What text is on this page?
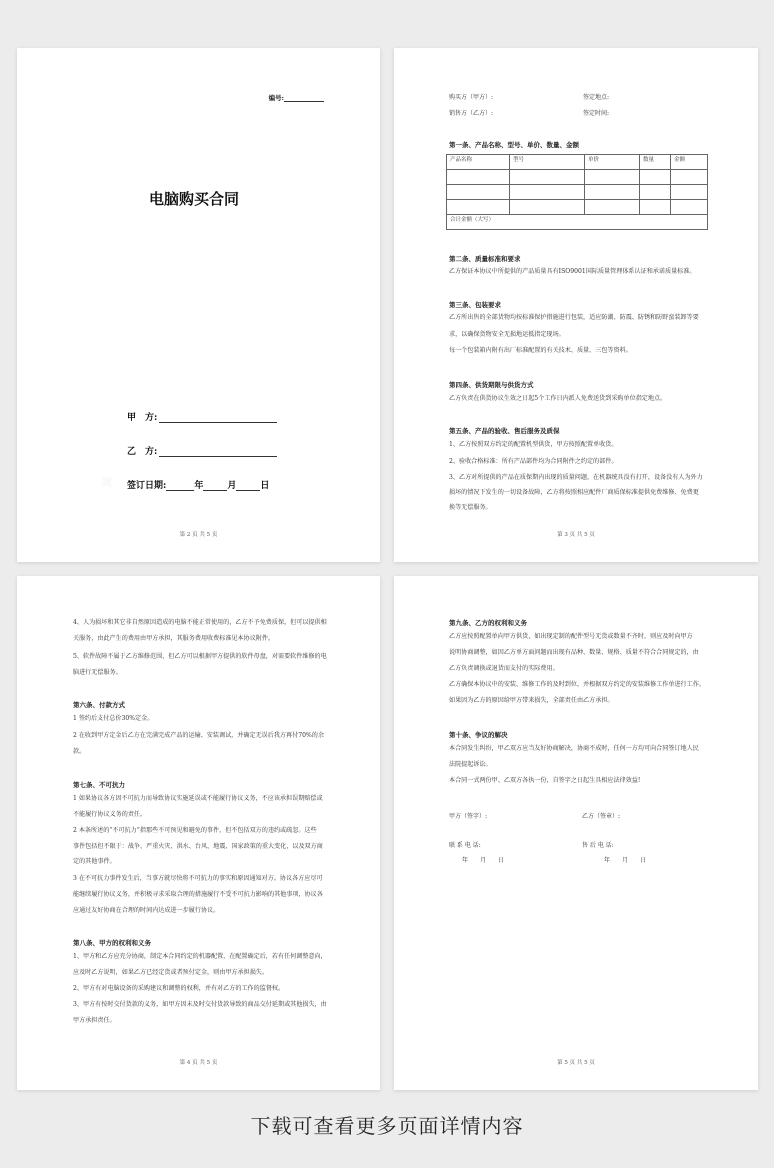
编号:
电脑购买合同
甲　方:
乙　方:
签订日期:	年	月	日
第 2 页 共 5 页
购买方（甲方）:	签定地点:
销售方（乙方）:	签定时间:
第一条、产品名称、型号、单价、数量、金额
产品名称	型号	单价	数量	金额

合计金额（大写）				
第二条、质量标准和要求
乙方保证本协议中所提供的产品质量具有ISO9001国际质量管理体系认证和承诺质量标准。
第三条、包装要求
乙方所出售的全部货物均按标准保护措施进行包装，适应防潮、防震、防锈和防野蛮装卸等要
求，以确保货物安全无损地运抵指定现场。
每一个包装箱内附有出厂标准配置的有关技术、质量、三包等资料。
第四条、供货期限与供货方式
乙方负责在供货协议生效之日起5个工作日内派人免费送货到采购单位指定地点。
第五条、产品的验收、售后服务及质保
1、乙方按照双方约定的配置机型供货，甲方按照配置单收货。
2、验收合格标准：所有产品部件均为合同附件之约定的部件。
3、乙方对所提供的产品在质保期内出现的质量问题，在机器统具没有打开，设备没有人为外力
损坏的情况下发生的一切设备故障，乙方将按照相应配件厂商质保标准提供免费维修、免费更
换等无偿服务。
第 3 页 共 5 页
4、人为损坏和其它非自然原因造成的电脑不能正常使用的，乙方不予免费质保，但可以提供相
关服务，由此产生的费用由甲方承担，其服务费用收费标准见本协议附件。
5、软件故障不属于乙方维修范围，但乙方可以根据甲方提供的软件母盘，对需要软件维修的电
脑进行无偿服务。
第六条、付款方式
1 签约后支付总价30%定金。
2 在收到甲方定金后乙方在完满完成产品的运输、安装调试，并确定无误后我方再付70%的余
款。
第七条、不可抗力
1 如果协议各方因不可抗力而导致协议实施延误或不能履行协议义务，不应该承担误期赔偿或
不能履行协议义务的责任。
2 本条所述的“不可抗力”指那些不可预见和避免的事件，但不包括双方的违约或疏忽。这些
事件包括但不限于：战争、严重火灾、洪水、台风、地震、国家政策的重大变化，以及双方商
定的其他事件。
3 在不可抗力事件发生后，当事方就尽快将不可抗力的事实和原因通知对方。协议各方应尽可
能继续履行协议义务，并积极寻求采取合理的措施履行不受不可抗力影响的其他事项，协议各
应通过友好协商在合理的时间内达成进一步履行协议。
第八条、甲方的权利和义务
1、甲方和乙方应充分协商，制定本合同约定的机器配置，在配置确定后，若有任何调整意向，
应及时乙方说明，如果乙方已经定货或者预付定金，则由甲方承担损失。
2、甲方有对电脑设备的采购建议和调整的权利，并有对乙方的工作的监督权。
3、甲方有按时交付货款的义务，如甲方因未及时交付货款导致的商品交付延期或其他损失，由
甲方承担责任。
第 4 页 共 5 页
第九条、乙方的权利和义务
乙方应按照配置单向甲方供货，如出现定制的配件型号无货或数量不齐时，则应及时向甲方
说明协商调整，如因乙方单方面问题而出现有品种、数量、规格、质量不符合合同规定的，由
乙方负责调换或退货而支付的实际费用。
乙方确保本协议中的安装、维修工作的及时到位，并根据双方约定的安装维修工作单进行工作。
如果因为乙方的原因给甲方带来损失，全部责任由乙方承担。
第十条、争议的解决
本合同发生纠纷，甲乙双方应当友好协商解决，协商不成时，任何一方均可向合同签订地人民
法院提起诉讼。
本合同一式两份甲、乙双方各执一份，自签字之日起生具相应法律效益!
甲方（签字）:	乙方（签章）:
联 系 电 话:	售 后 电 话:
年　　月　　日	年　　月　　日
第 5 页 共 5 页
下载可查看更多页面详情内容
